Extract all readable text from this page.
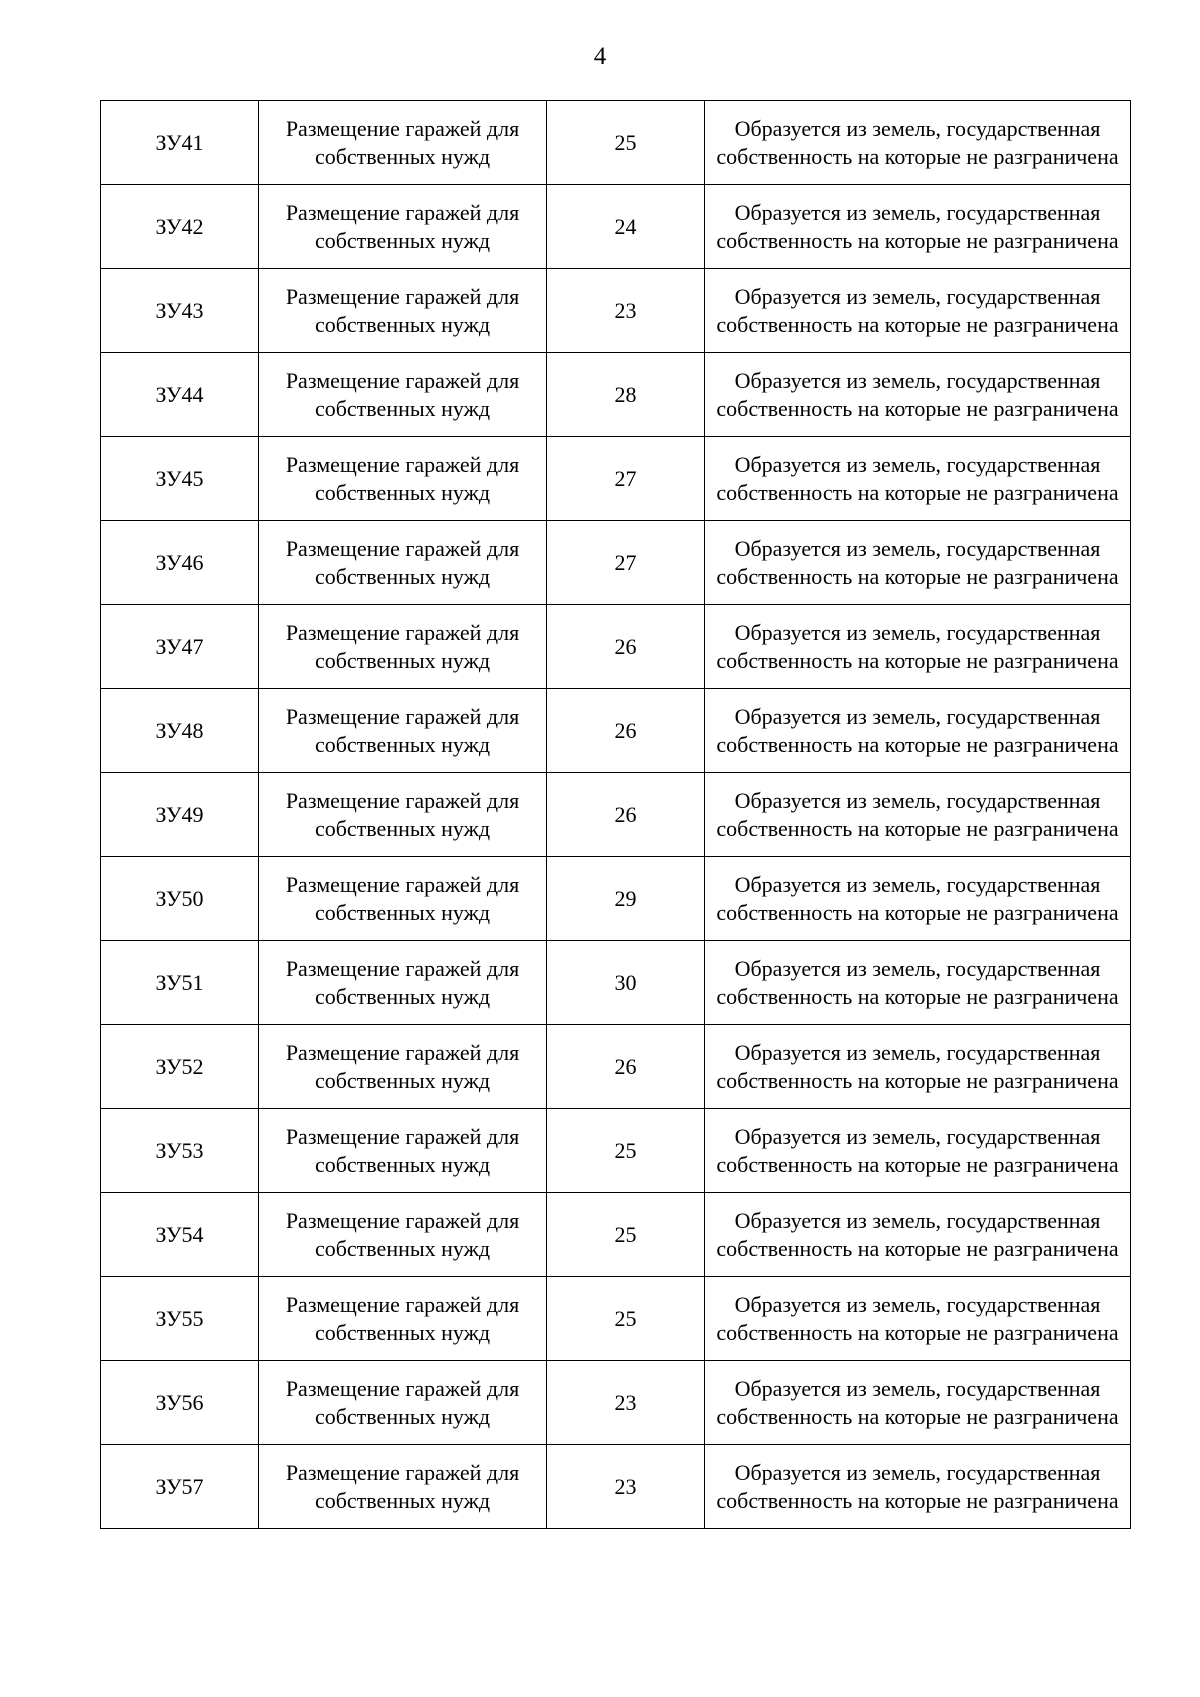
4
ЗУ41	Размещение гаражей для собственных нужд	25	Образуется из земель, государственная собственность на которые не разграничена

ЗУ42	Размещение гаражей для собственных нужд	24	Образуется из земель, государственная собственность на которые не разграничена

ЗУ43	Размещение гаражей для собственных нужд	23	Образуется из земель, государственная собственность на которые не разграничена

ЗУ44	Размещение гаражей для собственных нужд	28	Образуется из земель, государственная собственность на которые не разграничена

ЗУ45	Размещение гаражей для собственных нужд	27	Образуется из земель, государственная собственность на которые не разграничена

ЗУ46	Размещение гаражей для собственных нужд	27	Образуется из земель, государственная собственность на которые не разграничена

ЗУ47	Размещение гаражей для собственных нужд	26	Образуется из земель, государственная собственность на которые не разграничена

ЗУ48	Размещение гаражей для собственных нужд	26	Образуется из земель, государственная собственность на которые не разграничена

ЗУ49	Размещение гаражей для собственных нужд	26	Образуется из земель, государственная собственность на которые не разграничена

ЗУ50	Размещение гаражей для собственных нужд	29	Образуется из земель, государственная собственность на которые не разграничена

ЗУ51	Размещение гаражей для собственных нужд	30	Образуется из земель, государственная собственность на которые не разграничена

ЗУ52	Размещение гаражей для собственных нужд	26	Образуется из земель, государственная собственность на которые не разграничена

ЗУ53	Размещение гаражей для собственных нужд	25	Образуется из земель, государственная собственность на которые не разграничена

ЗУ54	Размещение гаражей для собственных нужд	25	Образуется из земель, государственная собственность на которые не разграничена

ЗУ55	Размещение гаражей для собственных нужд	25	Образуется из земель, государственная собственность на которые не разграничена

ЗУ56	Размещение гаражей для собственных нужд	23	Образуется из земель, государственная собственность на которые не разграничена

ЗУ57	Размещение гаражей для собственных нужд	23	Образуется из земель, государственная собственность на которые не разграничена
